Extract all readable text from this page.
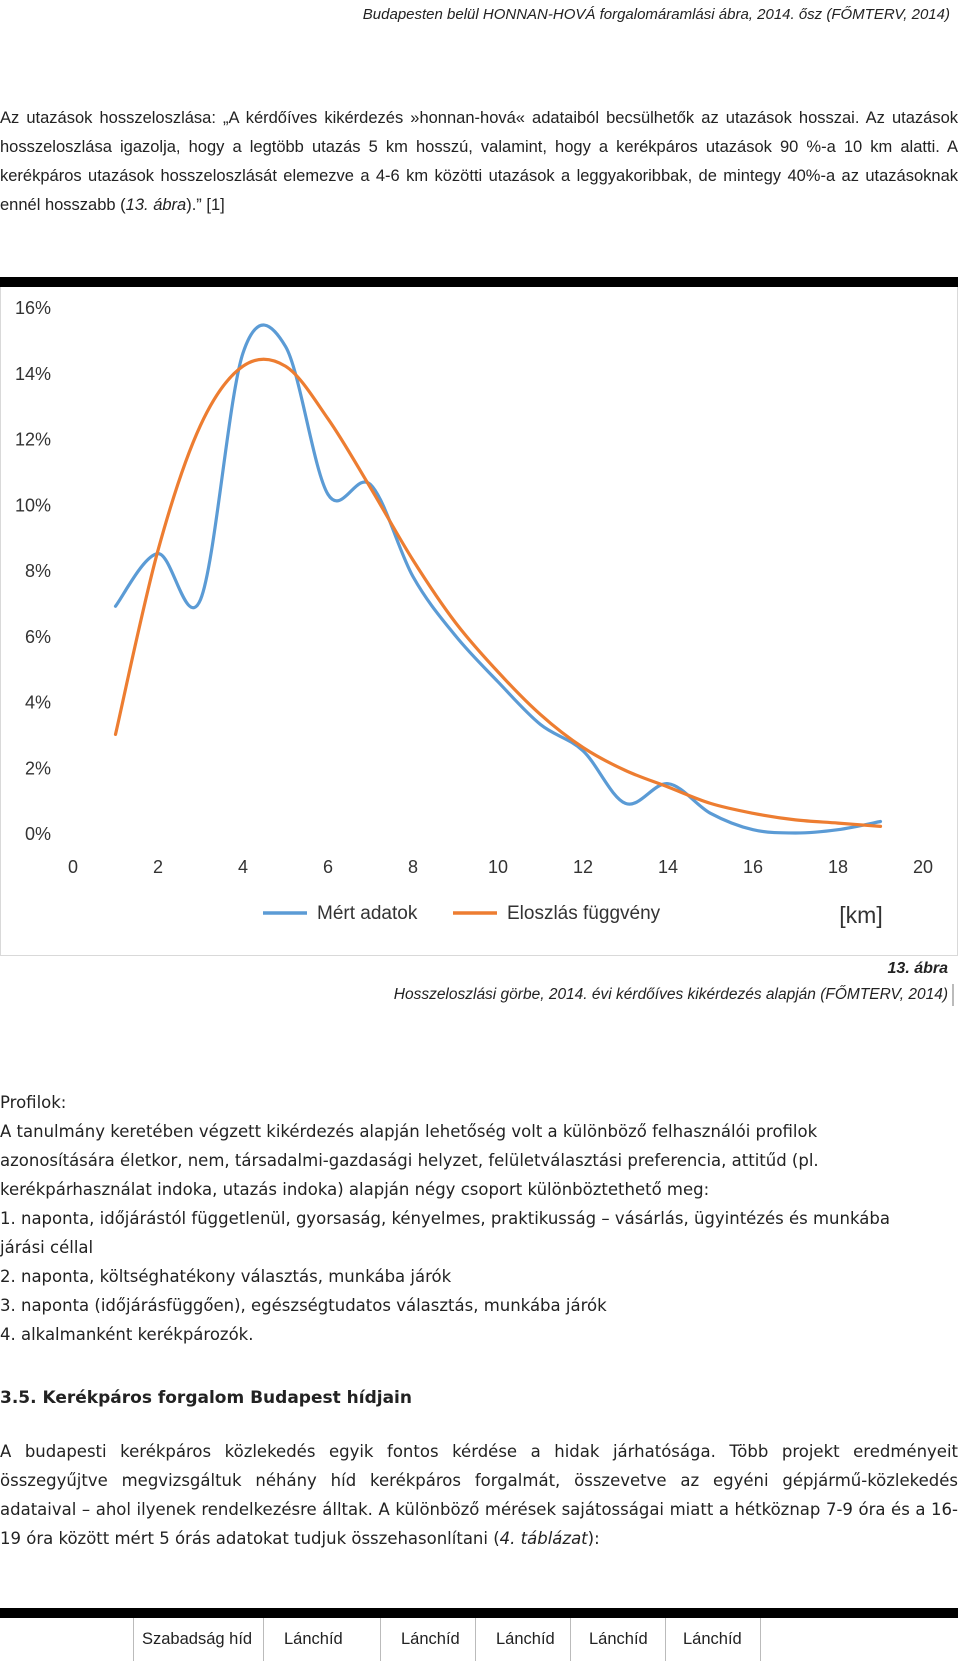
Budapesten belül HONNAN-HOVÁ forgalomáramlási ábra, 2014. ősz (FŐMTERV, 2014)
Az utazások hosszeloszlása: „A kérdőíves kikérdezés »honnan-hová« adataiból becsülhetők az utazások hosszai. Az utazások hosszeloszlása igazolja, hogy a legtöbb utazás 5 km hosszú, valamint, hogy a kerékpáros utazások 90 %-a 10 km alatti. A kerékpáros utazások hosszeloszlását elemezve a 4-6 km közötti utazások a leggyakoribbak, de mintegy 40%-a az utazásoknak ennél hosszabb (13. ábra).” [1]
0%
2%
4%
6%
8%
10%
12%
14%
16%
0	2	4	6	8	10	12	14	16	18	20
Mért adatok	Eloszlás függvény	[km]
13. ábra
Hosszeloszlási görbe, 2014. évi kérdőíves kikérdezés alapján (FŐMTERV, 2014)
Profilok:
A tanulmány keretében végzett kikérdezés alapján lehetőség volt a különböző felhasználói profilok
azonosítására életkor, nem, társadalmi-gazdasági helyzet, felületválasztási preferencia, attitűd (pl.
kerékpárhasználat indoka, utazás indoka) alapján négy csoport különböztethető meg:
1. naponta, időjárástól függetlenül, gyorsaság, kényelmes, praktikusság – vásárlás, ügyintézés és munkába
járási céllal
2. naponta, költséghatékony választás, munkába járók
3. naponta (időjárásfüggően), egészségtudatos választás, munkába járók
4. alkalmanként kerékpározók.
3.5. Kerékpáros forgalom Budapest hídjain
A budapesti kerékpáros közlekedés egyik fontos kérdése a hidak járhatósága. Több projekt eredményeit összegyűjtve megvizsgáltuk néhány híd kerékpáros forgalmát, összevetve az egyéni gépjármű-közlekedés adataival – ahol ilyenek rendelkezésre álltak. A különböző mérések sajátosságai miatt a hétköznap 7-9 óra és a 16-19 óra között mért 5 órás adatokat tudjuk összehasonlítani (4. táblázat):
Szabadság híd	Lánchíd	Lánchíd	Lánchíd	Lánchíd	Lánchíd
